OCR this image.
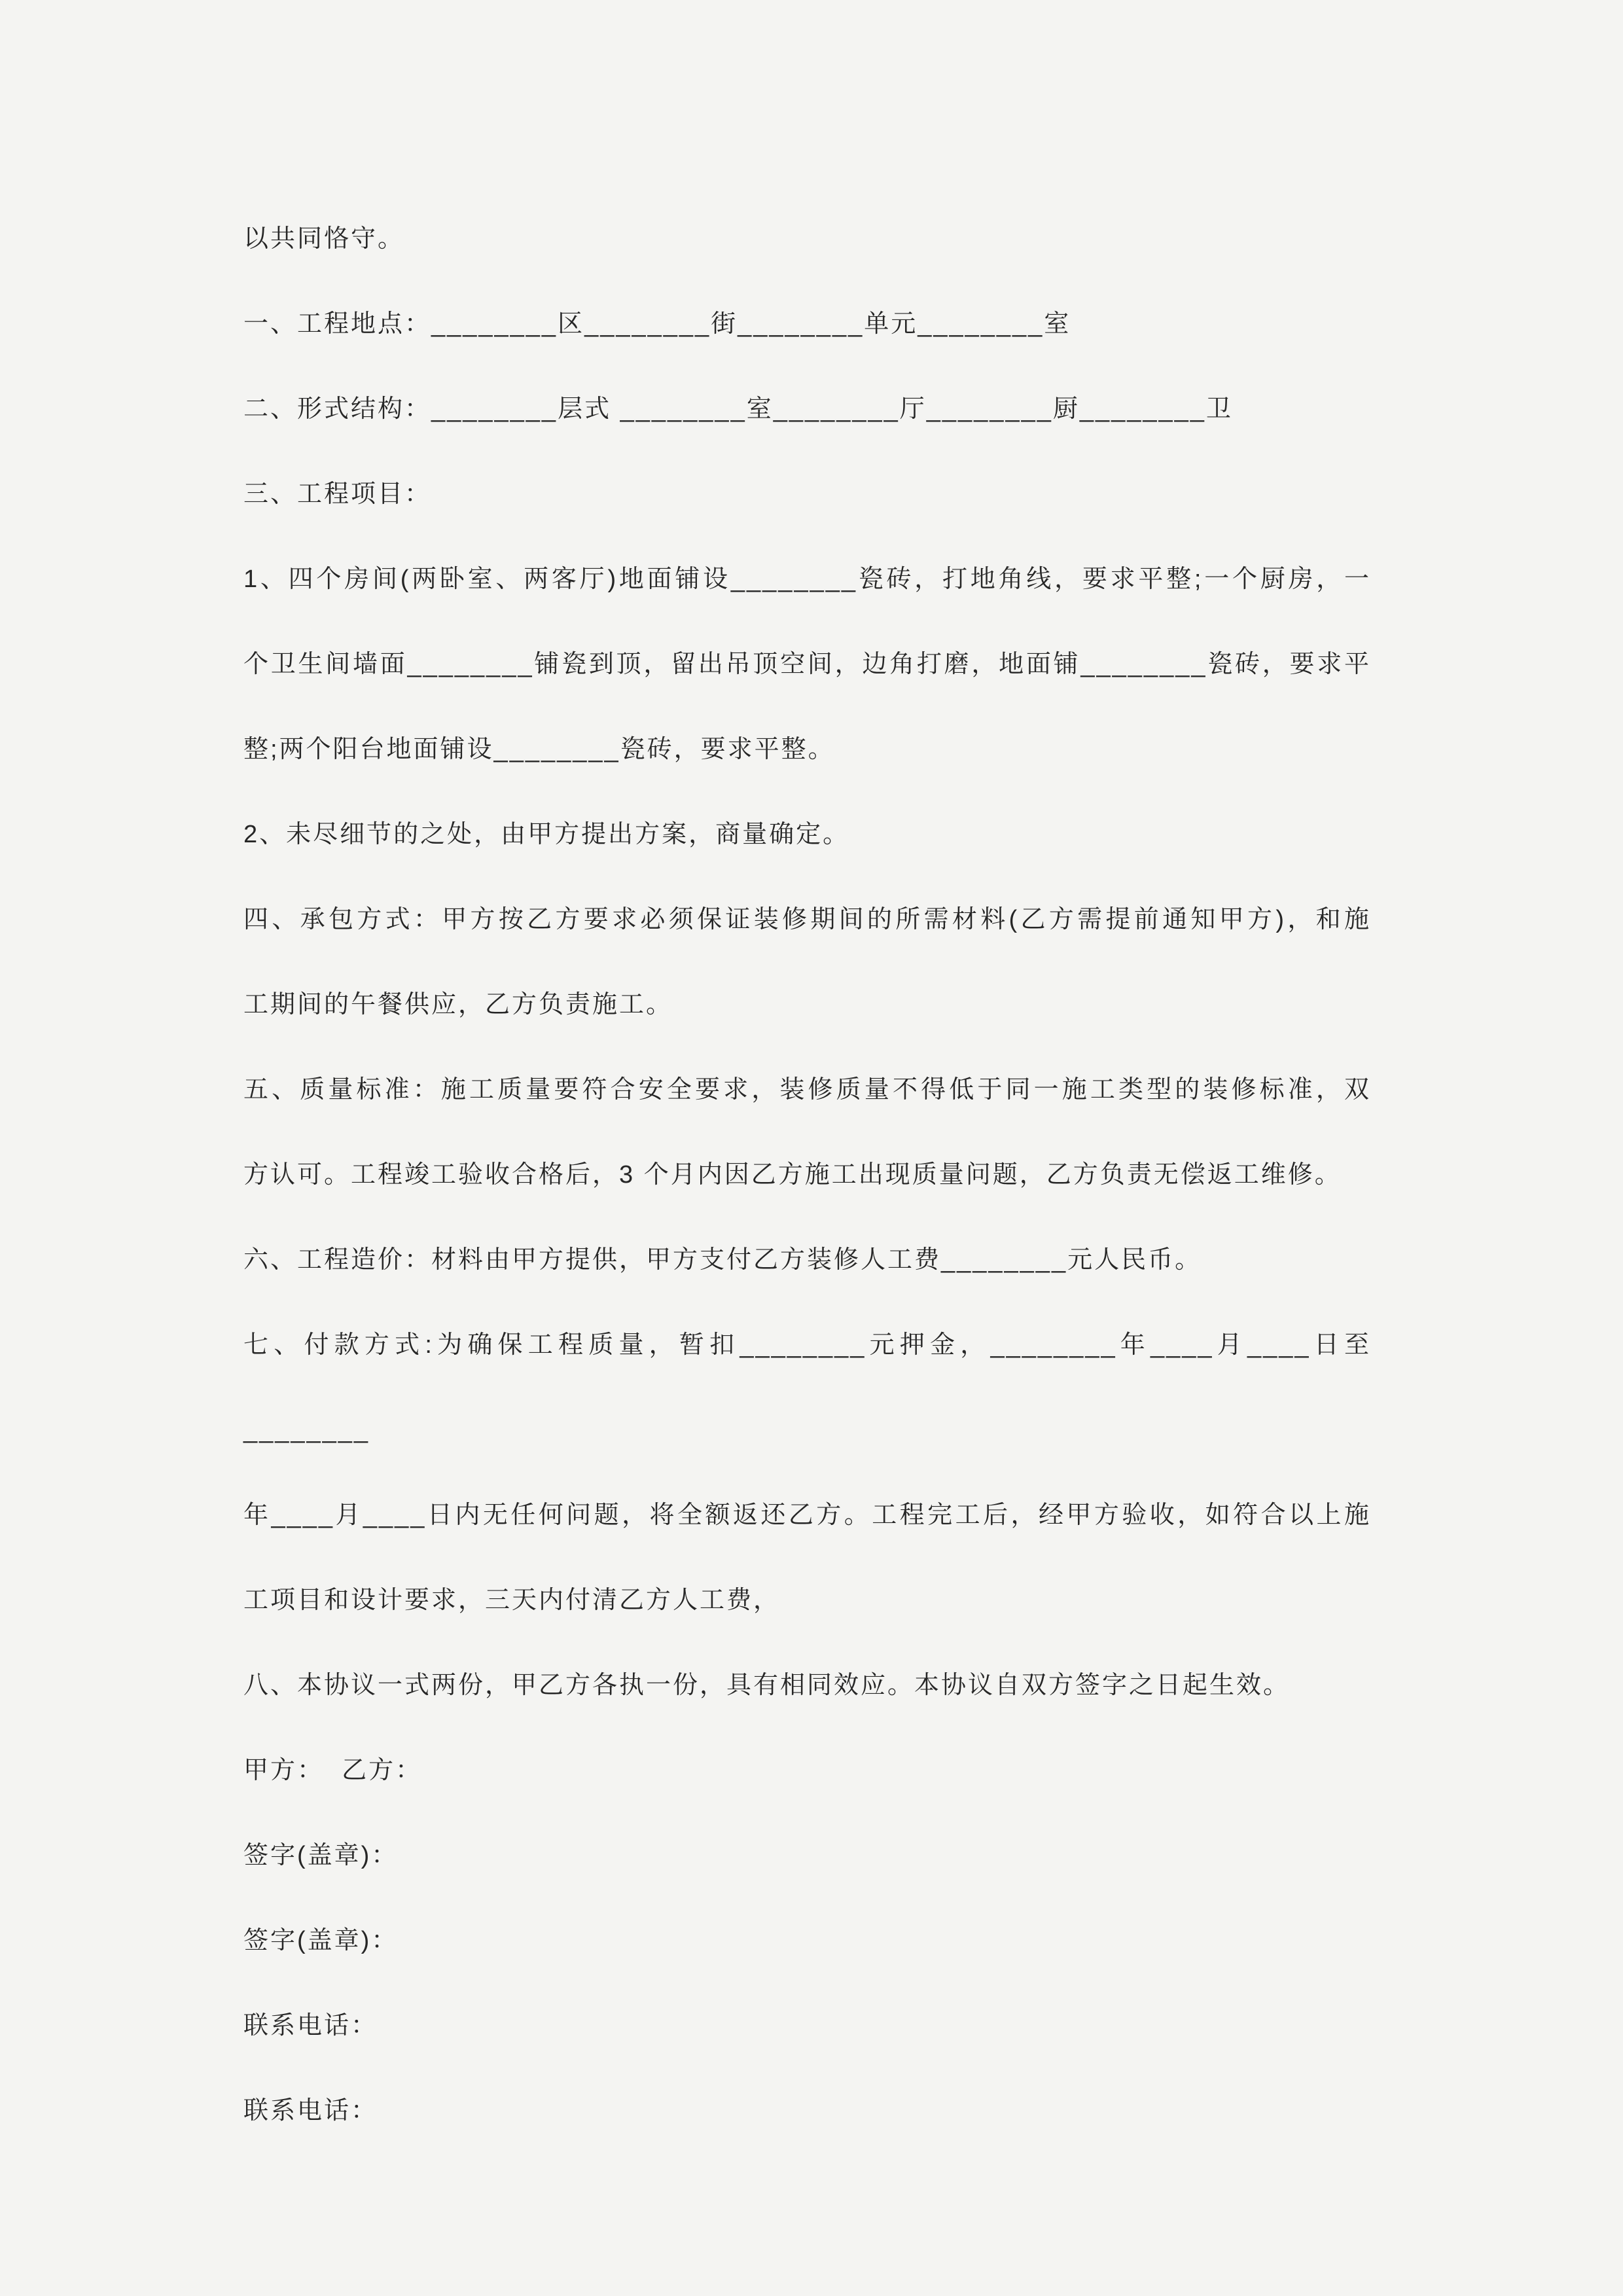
以共同恪守。

一、工程地点：________区________街________单元________室

二、形式结构：________层式 ________室________厅________厨________卫

三、工程项目：

1、四个房间(两卧室、两客厅)地面铺设________瓷砖，打地角线，要求平整;一个厨房，一

个卫生间墙面________铺瓷到顶，留出吊顶空间，边角打磨，地面铺________瓷砖，要求平

整;两个阳台地面铺设________瓷砖，要求平整。

2、未尽细节的之处，由甲方提出方案，商量确定。

四、承包方式：甲方按乙方要求必须保证装修期间的所需材料(乙方需提前通知甲方)，和施

工期间的午餐供应，乙方负责施工。

五、质量标准：施工质量要符合安全要求，装修质量不得低于同一施工类型的装修标准，双

方认可。工程竣工验收合格后，3 个月内因乙方施工出现质量问题，乙方负责无偿返工维修。

六、工程造价：材料由甲方提供，甲方支付乙方装修人工费________元人民币。

七、付款方式:为确保工程质量，暂扣________元押金，________年____月____日至________

年____月____日内无任何问题，将全额返还乙方。工程完工后，经甲方验收，如符合以上施

工项目和设计要求，三天内付清乙方人工费，

八、本协议一式两份，甲乙方各执一份，具有相同效应。本协议自双方签字之日起生效。

甲方：  乙方：

签字(盖章)：

签字(盖章)：

联系电话：

联系电话：
